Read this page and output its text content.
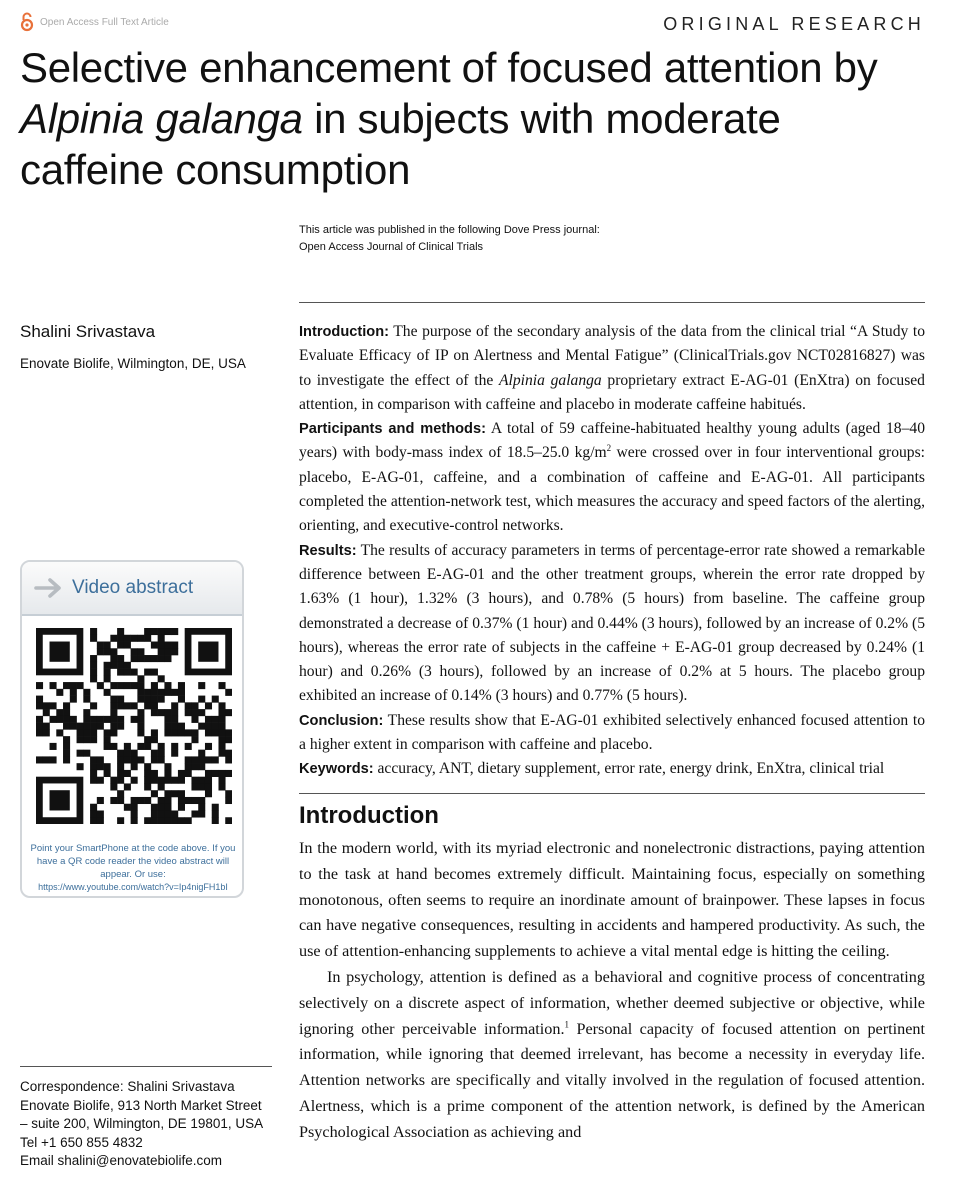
Open Access Full Text Article	ORIGINAL RESEARCH
Selective enhancement of focused attention by Alpinia galanga in subjects with moderate caffeine consumption
This article was published in the following Dove Press journal:
Open Access Journal of Clinical Trials
Shalini Srivastava
Enovate Biolife, Wilmington, DE, USA

Introduction: The purpose of the secondary analysis of the data from the clinical trial “A Study to Evaluate Efficacy of IP on Alertness and Mental Fatigue” (ClinicalTrials.gov NCT02816827) was to investigate the effect of the Alpinia galanga proprietary extract E-AG-01 (EnXtra) on focused attention, in comparison with caffeine and placebo in moderate caffeine habitués.

Participants and methods: A total of 59 caffeine-habituated healthy young adults (aged 18–40 years) with body-mass index of 18.5–25.0 $kg/m^2$ were crossed over in four interventional groups: placebo, E-AG-01, caffeine, and a combination of caffeine and E-AG-01. All participants completed the attention-network test, which measures the accuracy and speed factors of the alerting, orienting, and executive-control networks.

Results: The results of accuracy parameters in terms of percentage-error rate showed a remarkable difference between E-AG-01 and the other treatment groups, wherein the error rate dropped by 1.63% (1 hour), 1.32% (3 hours), and 0.78% (5 hours) from baseline. The caffeine group demonstrated a decrease of 0.37% (1 hour) and 0.44% (3 hours), followed by an increase of 0.2% (5 hours), whereas the error rate of subjects in the caffeine + E-AG-01 group decreased by 0.24% (1 hour) and 0.26% (3 hours), followed by an increase of 0.2% at 5 hours. The placebo group exhibited an increase of 0.14% (3 hours) and 0.77% (5 hours).

Conclusion: These results show that E-AG-01 exhibited selectively enhanced focused attention to a higher extent in comparison with caffeine and placebo.

Keywords: accuracy, ANT, dietary supplement, error rate, energy drink, EnXtra, clinical trial

Introduction

In the modern world, with its myriad electronic and nonelectronic distractions, paying attention to the task at hand becomes extremely difficult. Maintaining focus, especially on something monotonous, often seems to require an inordinate amount of brainpower. These lapses in focus can have negative consequences, resulting in accidents and hampered productivity. As such, the use of attention-enhancing supplements to achieve a vital mental edge is hitting the ceiling.

In psychology, attention is defined as a behavioral and cognitive process of concentrating selectively on a discrete aspect of information, whether deemed subjective or objective, while ignoring other perceivable information.$^1$ Personal capacity of focused attention on pertinent information, while ignoring that deemed irrelevant, has become a necessity in everyday life. Attention networks are specifically and vitally involved in the regulation of focused attention. Alertness, which is a prime component of the attention network, is defined by the American Psychological Association as achieving and

Video abstract
Point your SmartPhone at the code above. If you have a QR code reader the video abstract will appear. Or use:
https://www.youtube.com/watch?v=Ip4nigFH1bI
Correspondence: Shalini Srivastava
Enovate Biolife, 913 North Market Street
– suite 200, Wilmington, DE 19801, USA
Tel +1 650 855 4832
Email shalini@enovatebiolife.com
